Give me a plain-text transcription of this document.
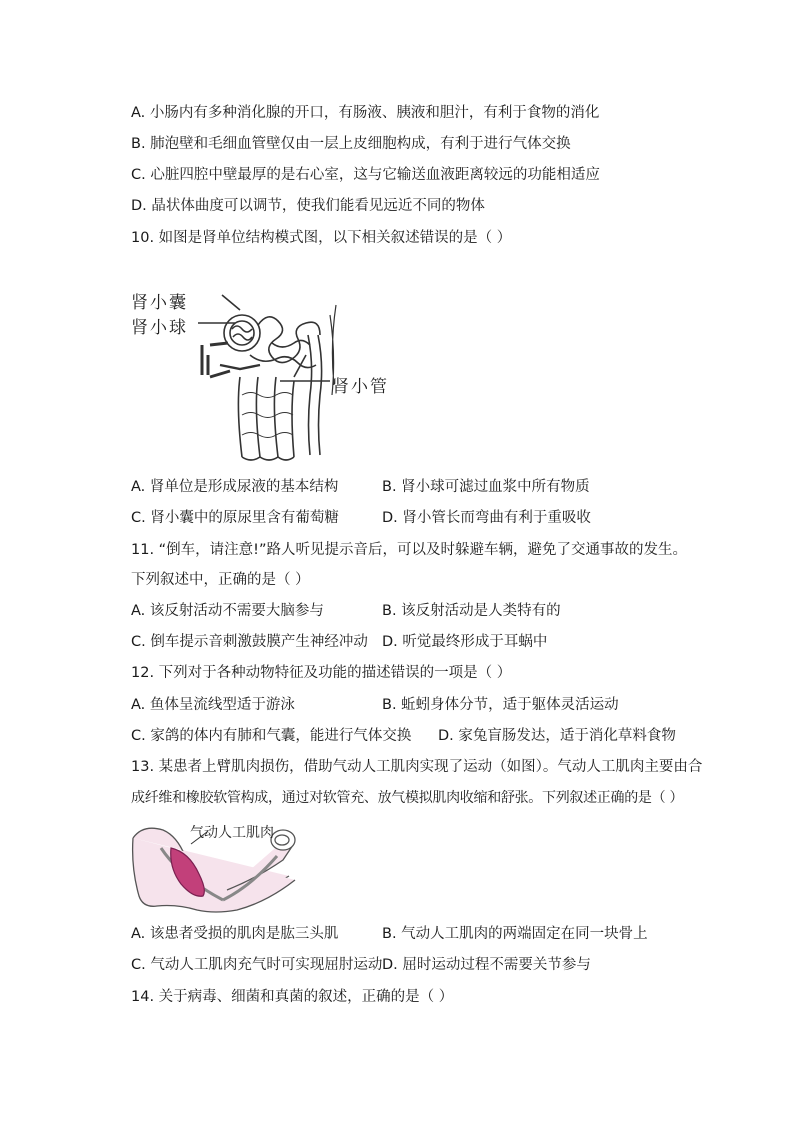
A. 小肠内有多种消化腺的开口，有肠液、胰液和胆汁，有利于食物的消化
B. 肺泡壁和毛细血管壁仅由一层上皮细胞构成，有利于进行气体交换
C. 心脏四腔中壁最厚的是右心室，这与它输送血液距离较远的功能相适应
D. 晶状体曲度可以调节，使我们能看见远近不同的物体
10. 如图是肾单位结构模式图，以下相关叙述错误的是（ ）
肾小囊
肾小球
肾小管
A. 肾单位是形成尿液的基本结构	B. 肾小球可滤过血浆中所有物质
C. 肾小囊中的原尿里含有葡萄糖	D. 肾小管长而弯曲有利于重吸收
11. “倒车，请注意!”路人听见提示音后，可以及时躲避车辆，避免了交通事故的发生。
下列叙述中，正确的是（ ）
A. 该反射活动不需要大脑参与	B. 该反射活动是人类特有的
C. 倒车提示音刺激鼓膜产生神经冲动 D. 听觉最终形成于耳蜗中
12. 下列对于各种动物特征及功能的描述错误的一项是（ ）
A. 鱼体呈流线型适于游泳	B. 蚯蚓身体分节，适于躯体灵活运动
C. 家鸽的体内有肺和气囊，能进行气体交换 D. 家兔盲肠发达，适于消化草料食物
13. 某患者上臂肌肉损伤，借助气动人工肌肉实现了运动（如图）。气动人工肌肉主要由合
成纤维和橡胶软管构成，通过对软管充、放气模拟肌肉收缩和舒张。下列叙述正确的是（ ）
气动人工肌肉
A. 该患者受损的肌肉是肱三头肌	B. 气动人工肌肉的两端固定在同一块骨上
C. 气动人工肌肉充气时可实现屈肘运动 D. 屈时运动过程不需要关节参与
14. 关于病毒、细菌和真菌的叙述，正确的是（ ）
